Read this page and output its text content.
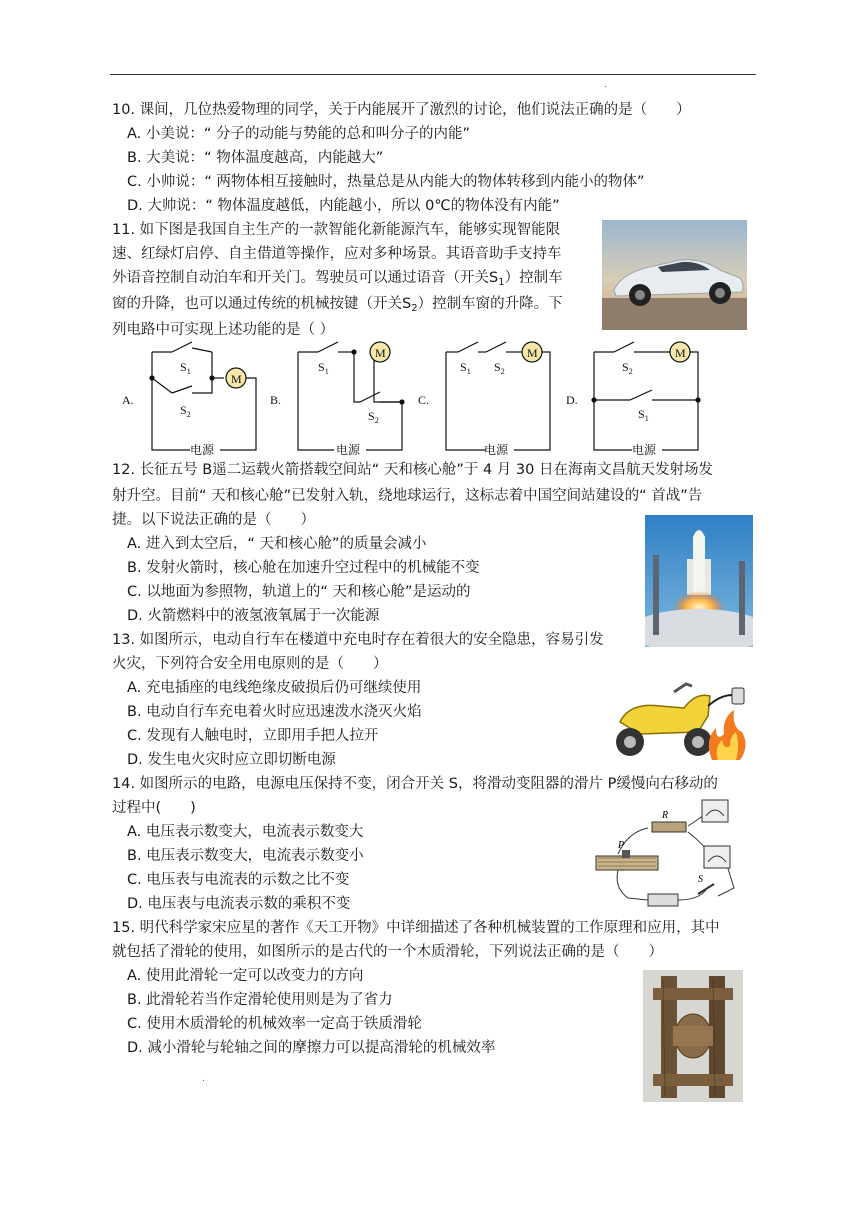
.
.
10. 课间，几位热爱物理的同学，关于内能展开了激烈的讨论，他们说法正确的是（　　）
A. 小美说：“ 分子的动能与势能的总和叫分子的内能”
B. 大美说：“ 物体温度越高，内能越大”
C. 小帅说：“ 两物体相互接触时，热量总是从内能大的物体转移到内能小的物体”
D. 大帅说：“ 物体温度越低，内能越小，所以 0℃的物体没有内能”
11. 如下图是我国自主生产的一款智能化新能源汽车，能够实现智能限
速、红绿灯启停、自主借道等操作，应对多种场景。其语音助手支持车
外语音控制自动泊车和开关门。驾驶员可以通过语音（开关$S_1$）控制车
窗的升降，也可以通过传统的机械按键（开关$S_2$）控制车窗的升降。下
列电路中可实现上述功能的是（ ）
A.
M
$S_1$
$S_2$
电源
B.
M
$S_1$
$S_2$
电源
C.
M
$S_1$ $S_2$
电源
D.
M
$S_2$
$S_1$
电源
12. 长征五号 B遥二运载火箭搭载空间站“ 天和核心舱”于 4 月 30 日在海南文昌航天发射场发
射升空。目前“ 天和核心舱”已发射入轨，绕地球运行，这标志着中国空间站建设的“ 首战”告
捷。以下说法正确的是（　　）
A. 进入到太空后，“ 天和核心舱”的质量会减小
B. 发射火箭时，核心舱在加速升空过程中的机械能不变
C. 以地面为参照物，轨道上的“ 天和核心舱”是运动的
D. 火箭燃料中的液氢液氧属于一次能源
13. 如图所示，电动自行车在楼道中充电时存在着很大的安全隐患，容易引发
火灾，下列符合安全用电原则的是（　　）
A. 充电插座的电线绝缘皮破损后仍可继续使用
B. 电动自行车充电着火时应迅速泼水浇灭火焰
C. 发现有人触电时，立即用手把人拉开
D. 发生电火灾时应立即切断电源
14. 如图所示的电路，电源电压保持不变，闭合开关 S，将滑动变阻器的滑片 P缓慢向右移动的
过程中(　　)
A. 电压表示数变大，电流表示数变大
B. 电压表示数变大，电流表示数变小
C. 电压表与电流表的示数之比不变
D. 电压表与电流表示数的乘积不变
R
P
S
15. 明代科学家宋应星的著作《天工开物》中详细描述了各种机械装置的工作原理和应用，其中
就包括了滑轮的使用，如图所示的是古代的一个木质滑轮，下列说法正确的是（　　）
A. 使用此滑轮一定可以改变力的方向
B. 此滑轮若当作定滑轮使用则是为了省力
C. 使用木质滑轮的机械效率一定高于铁质滑轮
D. 减小滑轮与轮轴之间的摩擦力可以提高滑轮的机械效率
